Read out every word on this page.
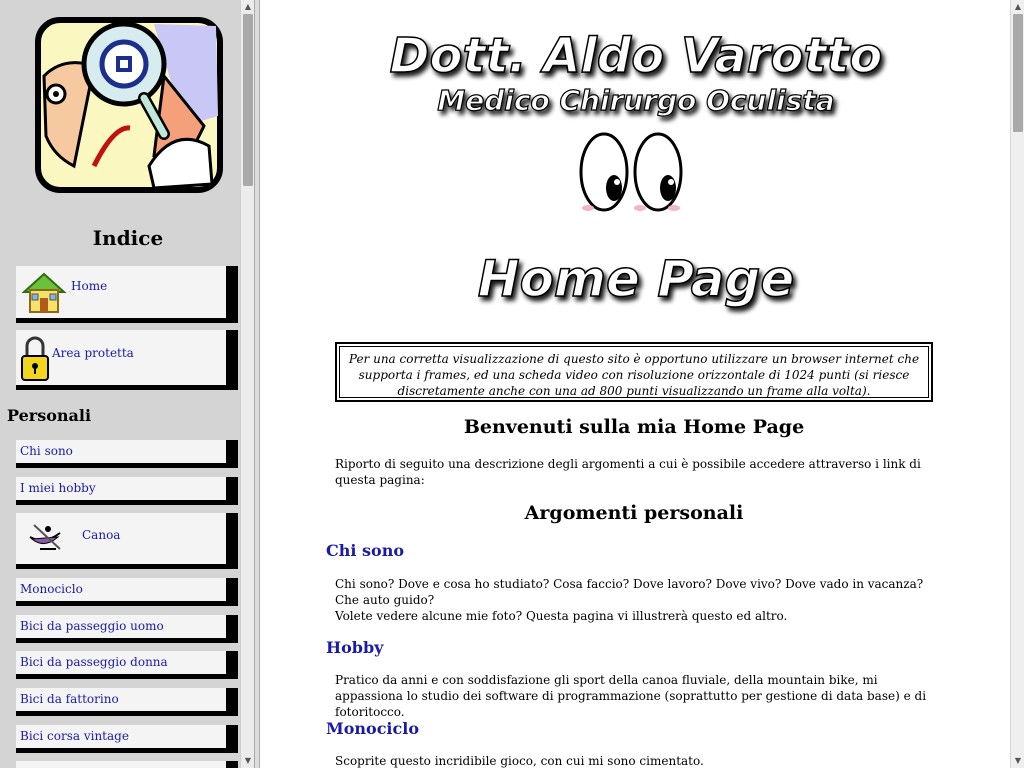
Indice
Home
Area protetta
Personali
Chi sono
I miei hobby
Canoa
Monociclo
Bici da passeggio uomo
Bici da passeggio donna
Bici da fattorino
Bici corsa vintage
▲
▼
Dott. Aldo Varotto
Medico Chirurgo Oculista
Home Page
Per una corretta visualizzazione di questo sito è opportuno utilizzare un browser internet che supporta i frames, ed una scheda video con risoluzione orizzontale di 1024 punti (si riesce discretamente anche con una ad 800 punti visualizzando un frame alla volta).
Benvenuti sulla mia Home Page
Riporto di seguito una descrizione degli argomenti a cui è possibile accedere attraverso i link di questa pagina:
Argomenti personali
Chi sono
Chi sono? Dove e cosa ho studiato? Cosa faccio? Dove lavoro? Dove vivo? Dove vado in vacanza? Che auto guido?
Volete vedere alcune mie foto? Questa pagina vi illustrerà questo ed altro.
Hobby
Pratico da anni e con soddisfazione gli sport della canoa fluviale, della mountain bike, mi appassiona lo studio dei software di programmazione (soprattutto per gestione di data base) e di fotoritocco.
Monociclo
Scoprite questo incridibile gioco, con cui mi sono cimentato.
▲
▼
